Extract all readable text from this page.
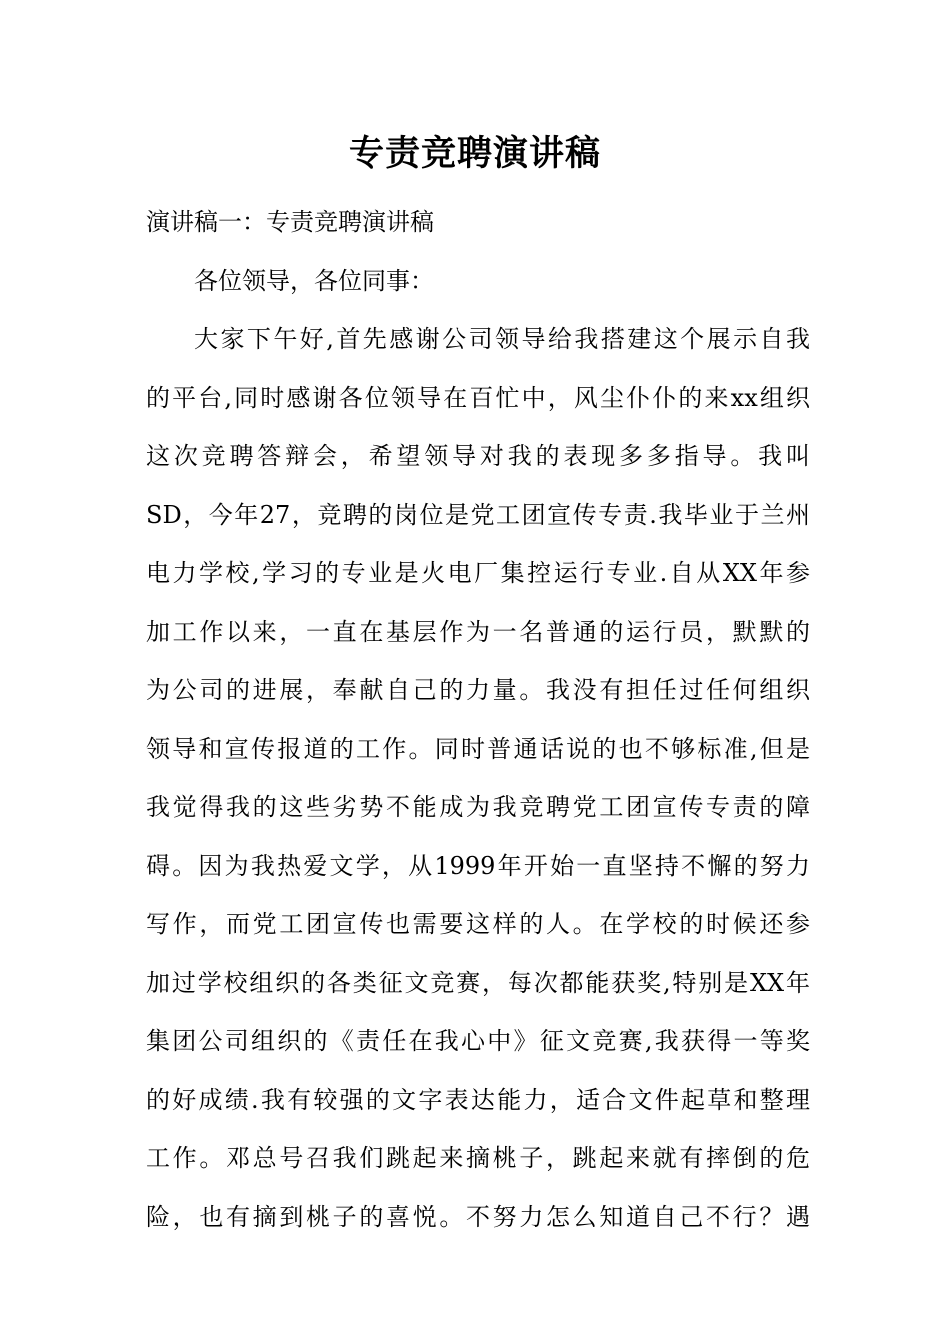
专责竞聘演讲稿
演讲稿一：专责竞聘演讲稿
各位领导，各位同事：
大家下午好,首先感谢公司领导给我搭建这个展示自我
的平台,同时感谢各位领导在百忙中，风尘仆仆的来xx组织
这次竞聘答辩会，希望领导对我的表现多多指导。我叫
SD，今年27，竞聘的岗位是党工团宣传专责.我毕业于兰州
电力学校,学习的专业是火电厂集控运行专业.自从XX年参
加工作以来，一直在基层作为一名普通的运行员，默默的
为公司的进展，奉献自己的力量。我没有担任过任何组织
领导和宣传报道的工作。同时普通话说的也不够标准,但是
我觉得我的这些劣势不能成为我竞聘党工团宣传专责的障
碍。因为我热爱文学，从1999年开始一直坚持不懈的努力
写作，而党工团宣传也需要这样的人。在学校的时候还参
加过学校组织的各类征文竞赛，每次都能获奖,特别是XX年
集团公司组织的《责任在我心中》征文竞赛,我获得一等奖
的好成绩.我有较强的文字表达能力，适合文件起草和整理
工作。邓总号召我们跳起来摘桃子，跳起来就有摔倒的危
险，也有摘到桃子的喜悦。不努力怎么知道自己不行？遇
